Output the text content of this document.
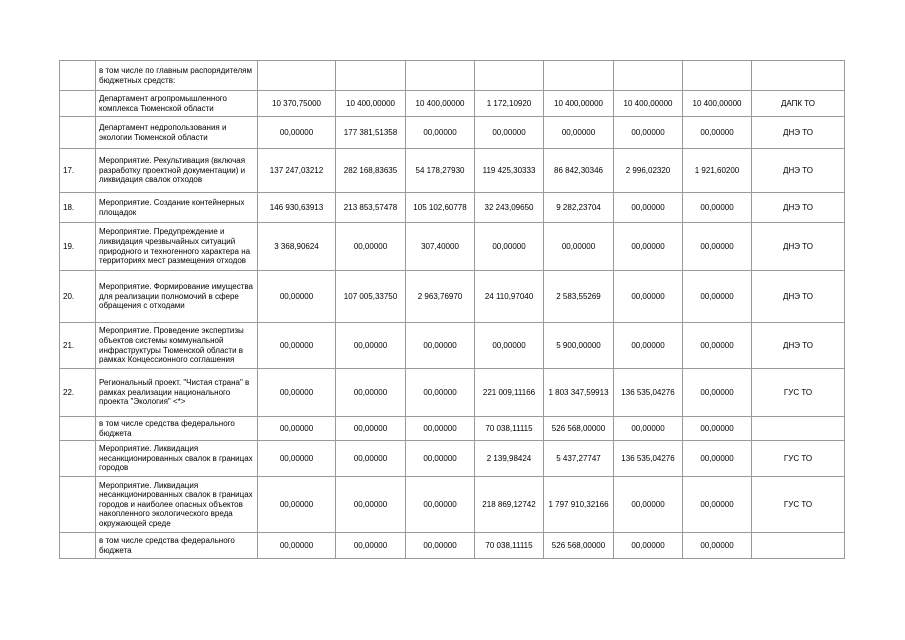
	в том числе по главным распорядителям бюджетных средств:								
	Департамент агропромышленного комплекса Тюменской области	10 370,75000	10 400,00000	10 400,00000	1 172,10920	10 400,00000	10 400,00000	10 400,00000	ДАПК ТО
	Департамент недропользования и экологии Тюменской области	00,00000	177 381,51358	00,00000	00,00000	00,00000	00,00000	00,00000	ДНЭ ТО
17.	Мероприятие. Рекультивация (включая разработку проектной документации) и ликвидация свалок отходов	137 247,03212	282 168,83635	54 178,27930	119 425,30333	86 842,30346	2 996,02320	1 921,60200	ДНЭ ТО
18.	Мероприятие. Создание контейнерных площадок	146 930,63913	213 853,57478	105 102,60778	32 243,09650	9 282,23704	00,00000	00,00000	ДНЭ ТО
19.	Мероприятие. Предупреждение и ликвидация чрезвычайных ситуаций природного и техногенного характера на территориях мест размещения отходов	3 368,90624	00,00000	307,40000	00,00000	00,00000	00,00000	00,00000	ДНЭ ТО
20.	Мероприятие. Формирование имущества для реализации полномочий в сфере обращения с отходами	00,00000	107 005,33750	2 963,76970	24 110,97040	2 583,55269	00,00000	00,00000	ДНЭ ТО
21.	Мероприятие. Проведение экспертизы объектов системы коммунальной инфраструктуры Тюменской области в рамках Концессионного соглашения	00,00000	00,00000	00,00000	00,00000	5 900,00000	00,00000	00,00000	ДНЭ ТО
22.	Региональный проект. "Чистая страна" в рамках реализации национального проекта "Экология" <*>	00,00000	00,00000	00,00000	221 009,11166	1 803 347,59913	136 535,04276	00,00000	ГУС ТО
	в том числе средства федерального бюджета	00,00000	00,00000	00,00000	70 038,11115	526 568,00000	00,00000	00,00000	
	Мероприятие. Ликвидация несанкционированных свалок в границах городов	00,00000	00,00000	00,00000	2 139,98424	5 437,27747	136 535,04276	00,00000	ГУС ТО
	Мероприятие. Ликвидация несанкционированных свалок в границах городов и наиболее опасных объектов накопленного экологического вреда окружающей среде	00,00000	00,00000	00,00000	218 869,12742	1 797 910,32166	00,00000	00,00000	ГУС ТО
	в том числе средства федерального бюджета	00,00000	00,00000	00,00000	70 038,11115	526 568,00000	00,00000	00,00000	
